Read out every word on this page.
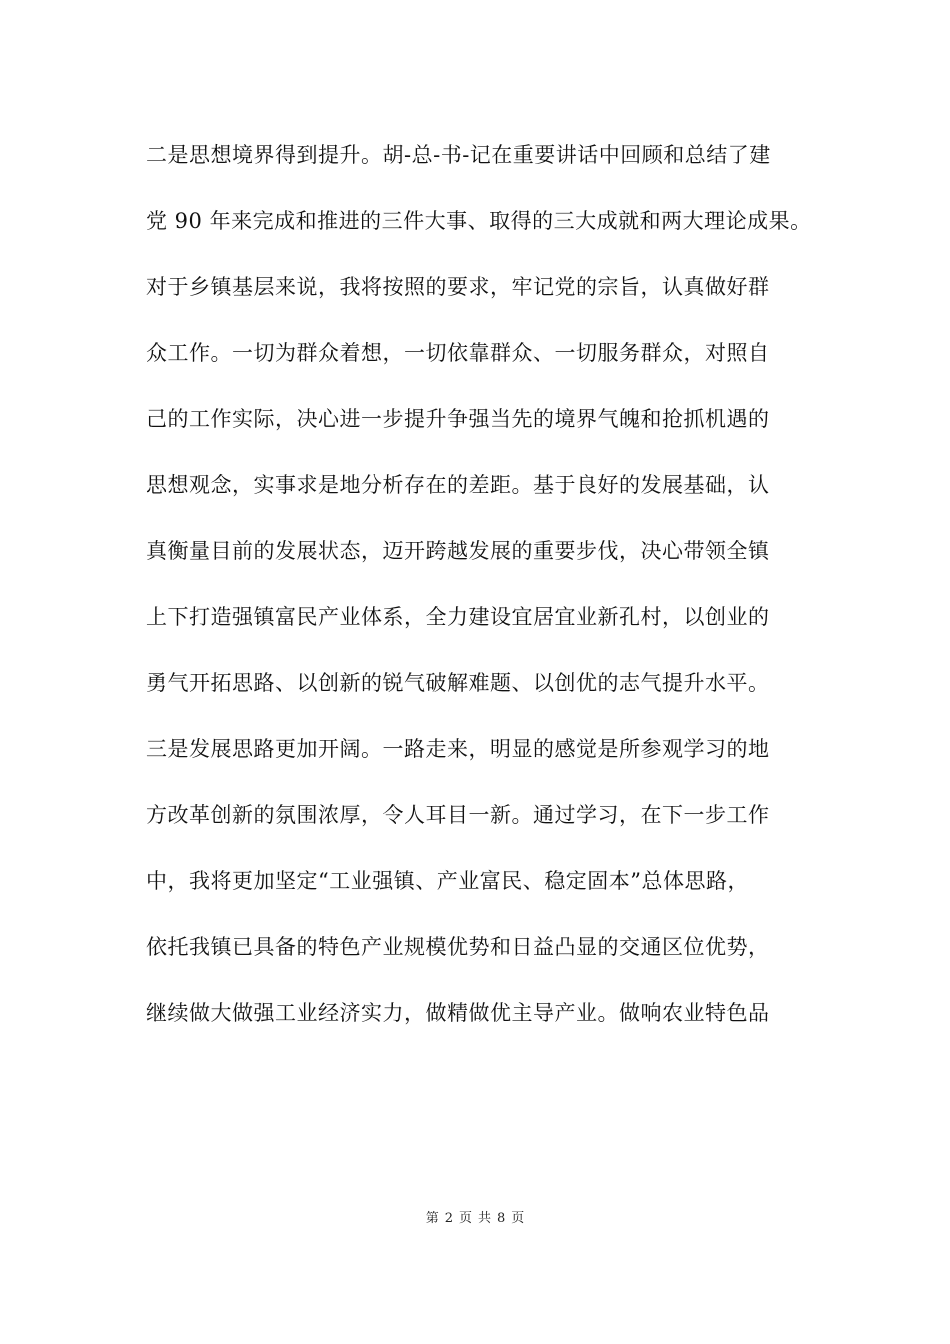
二是思想境界得到提升。胡-总-书-记在重要讲话中回顾和总结了建
党 90 年来完成和推进的三件大事、取得的三大成就和两大理论成果。
对于乡镇基层来说，我将按照的要求，牢记党的宗旨，认真做好群
众工作。一切为群众着想，一切依靠群众、一切服务群众，对照自
己的工作实际，决心进一步提升争强当先的境界气魄和抢抓机遇的
思想观念，实事求是地分析存在的差距。基于良好的发展基础，认
真衡量目前的发展状态，迈开跨越发展的重要步伐，决心带领全镇
上下打造强镇富民产业体系，全力建设宜居宜业新孔村，以创业的
勇气开拓思路、以创新的锐气破解难题、以创优的志气提升水平。
三是发展思路更加开阔。一路走来，明显的感觉是所参观学习的地
方改革创新的氛围浓厚，令人耳目一新。通过学习，在下一步工作
中，我将更加坚定“工业强镇、产业富民、稳定固本”总体思路，
依托我镇已具备的特色产业规模优势和日益凸显的交通区位优势，
继续做大做强工业经济实力，做精做优主导产业。做响农业特色品
第 2 页 共 8 页
